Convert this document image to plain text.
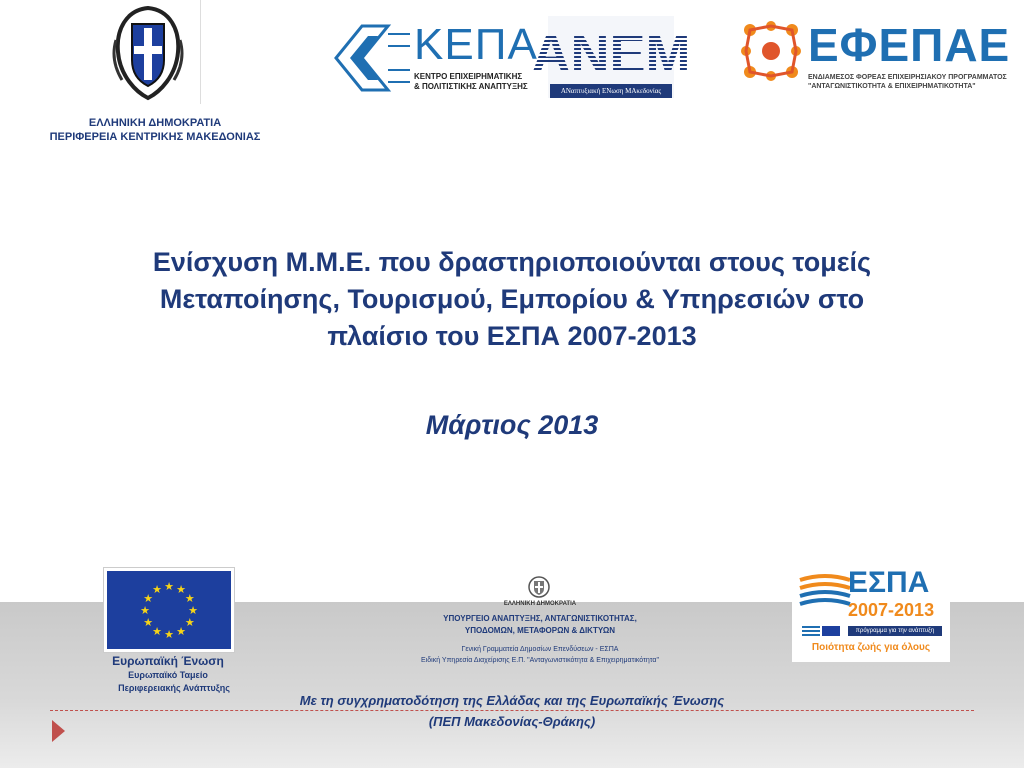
ΚΕΠΑ
ΚΕΝΤΡΟ ΕΠΙΧΕΙΡΗΜΑΤΙΚΗΣ
& ΠΟΛΙΤΙΣΤΙΚΗΣ ΑΝΑΠΤΥΞΗΣ
ΑΝΕΜ
ΑΝαπτυξιακή ΕΝωση ΜΑκεδονίας
ΕΦΕΠΑΕ
ΕΝΔΙΑΜΕΣΟΣ ΦΟΡΕΑΣ ΕΠΙΧΕΙΡΗΣΙΑΚΟΥ ΠΡΟΓΡΑΜΜΑΤΟΣ
"ΑΝΤΑΓΩΝΙΣΤΙΚΟΤΗΤΑ & ΕΠΙΧΕΙΡΗΜΑΤΙΚΟΤΗΤΑ"
ΕΛΛΗΝΙΚΗ ΔΗΜΟΚΡΑΤΙΑ
ΠΕΡΙΦΕΡΕΙΑ ΚΕΝΤΡΙΚΗΣ ΜΑΚΕΔΟΝΙΑΣ
Ενίσχυση Μ.Μ.Ε. που δραστηριοποιούνται στους τομείς
Μεταποίησης, Τουρισμού, Εμπορίου & Υπηρεσιών στο
πλαίσιο του ΕΣΠΑ 2007-2013
Μάρτιος 2013
★ ★
★
★
★
★
★
★
★
★
★
★
Ευρωπαϊκή Ένωση
Ευρωπαϊκό Ταμείο
Περιφερειακής Ανάπτυξης
ΕΛΛΗΝΙΚΗ ΔΗΜΟΚΡΑΤΙΑ
ΥΠΟΥΡΓΕΙΟ ΑΝΑΠΤΥΞΗΣ, ΑΝΤΑΓΩΝΙΣΤΙΚΟΤΗΤΑΣ,
ΥΠΟΔΟΜΩΝ, ΜΕΤΑΦΟΡΩΝ & ΔΙΚΤΥΩΝ
Γενική Γραμματεία Δημοσίων Επενδύσεων - ΕΣΠΑ
Ειδική Υπηρεσία Διαχείρισης Ε.Π. "Ανταγωνιστικότητα & Επιχειρηματικότητα"
ΕΣΠΑ
2007-2013
πρόγραμμα για την ανάπτυξη
Ποιότητα ζωής για όλους
Με τη συγχρηματοδότηση της Ελλάδας και της Ευρωπαϊκής Ένωσης
(ΠΕΠ Μακεδονίας-Θράκης)
